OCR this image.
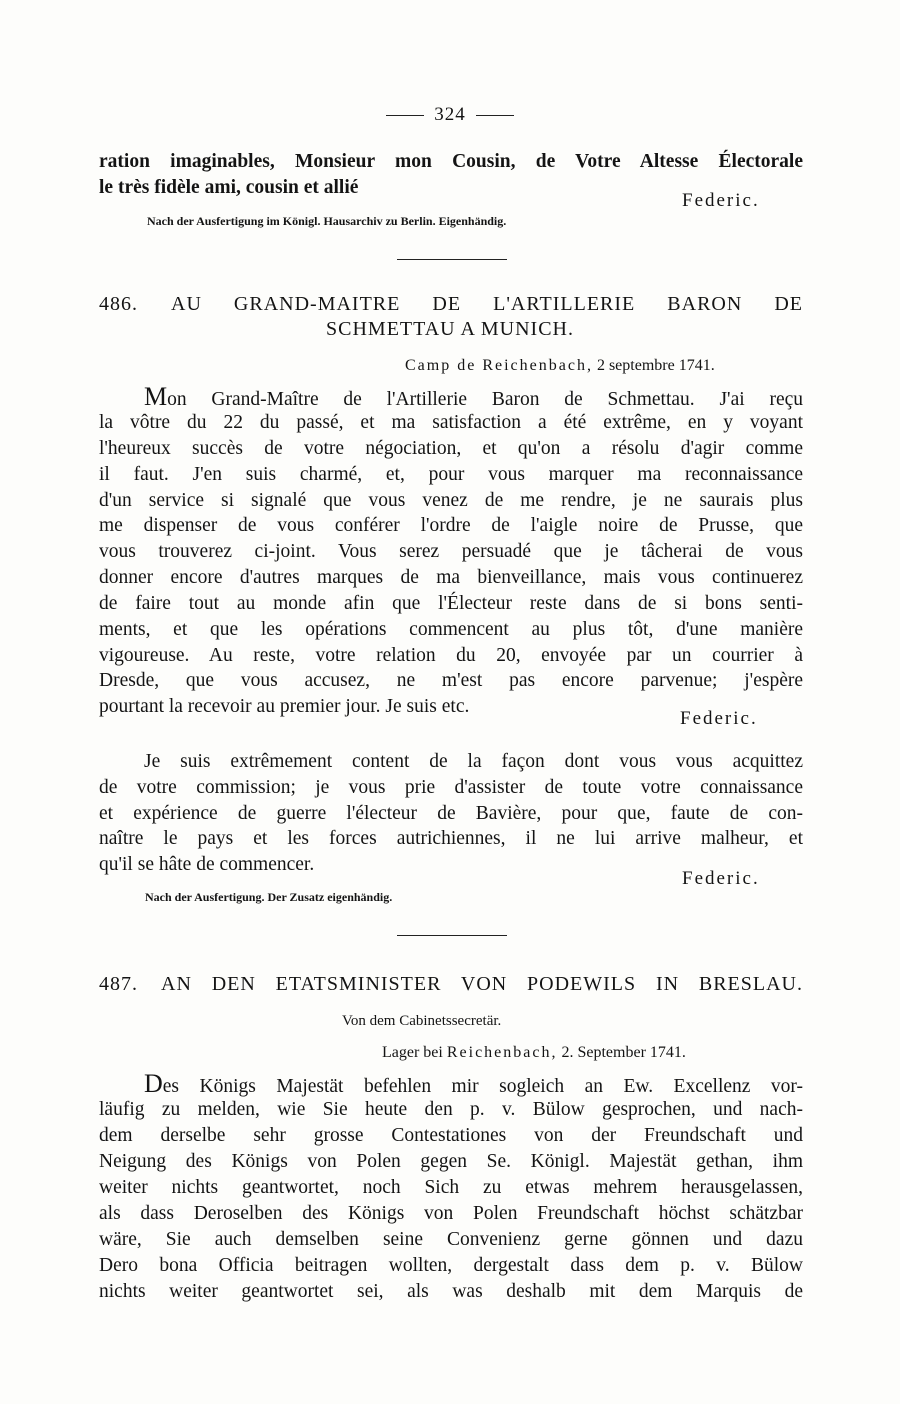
324
ration imaginables, Monsieur mon Cousin, de Votre Altesse Électorale
le très fidèle ami, cousin et allié
Federic.
Nach der Ausfertigung im Königl. Hausarchiv zu Berlin. Eigenhändig.
486. AU GRAND-MAITRE DE L'ARTILLERIE BARON DE
SCHMETTAU A MUNICH.
Camp de Reichenbach, 2 septembre 1741.
Mon Grand-Maître de l'Artillerie Baron de Schmettau. J'ai reçu
la vôtre du 22 du passé, et ma satisfaction a été extrême, en y voyant
l'heureux succès de votre négociation, et qu'on a résolu d'agir comme
il faut. J'en suis charmé, et, pour vous marquer ma reconnaissance
d'un service si signalé que vous venez de me rendre, je ne saurais plus
me dispenser de vous conférer l'ordre de l'aigle noire de Prusse, que
vous trouverez ci-joint. Vous serez persuadé que je tâcherai de vous
donner encore d'autres marques de ma bienveillance, mais vous continuerez
de faire tout au monde afin que l'Électeur reste dans de si bons senti-
ments, et que les opérations commencent au plus tôt, d'une manière
vigoureuse. Au reste, votre relation du 20, envoyée par un courrier à
Dresde, que vous accusez, ne m'est pas encore parvenue; j'espère
pourtant la recevoir au premier jour. Je suis etc.
Federic.
Je suis extrêmement content de la façon dont vous vous acquittez
de votre commission; je vous prie d'assister de toute votre connaissance
et expérience de guerre l'électeur de Bavière, pour que, faute de con-
naître le pays et les forces autrichiennes, il ne lui arrive malheur, et
qu'il se hâte de commencer.
Federic.
Nach der Ausfertigung. Der Zusatz eigenhändig.
487. AN DEN ETATSMINISTER VON PODEWILS IN BRESLAU.
Von dem Cabinetssecretär.
Lager bei Reichenbach, 2. September 1741.
Des Königs Majestät befehlen mir sogleich an Ew. Excellenz vor-
läufig zu melden, wie Sie heute den p. v. Bülow gesprochen, und nach-
dem derselbe sehr grosse Contestationes von der Freundschaft und
Neigung des Königs von Polen gegen Se. Königl. Majestät gethan, ihm
weiter nichts geantwortet, noch Sich zu etwas mehrem herausgelassen,
als dass Deroselben des Königs von Polen Freundschaft höchst schätzbar
wäre, Sie auch demselben seine Convenienz gerne gönnen und dazu
Dero bona Officia beitragen wollten, dergestalt dass dem p. v. Bülow
nichts weiter geantwortet sei, als was deshalb mit dem Marquis de
